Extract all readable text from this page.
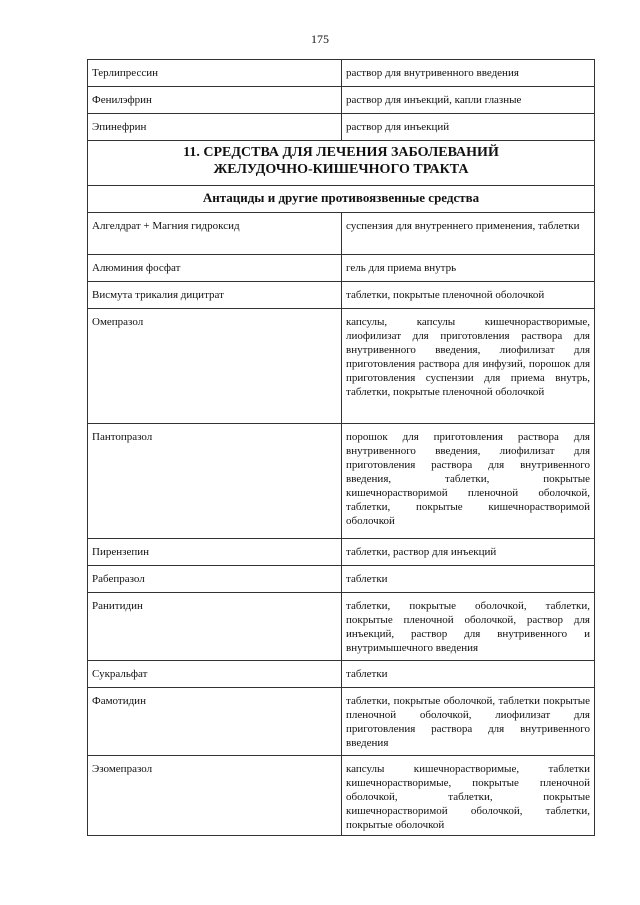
175
Терлипрессин	раствор для внутривенного введения
Фенилэфрин	раствор для инъекций, капли глазные
Эпинефрин	раствор для инъекций

11. СРЕДСТВА ДЛЯ ЛЕЧЕНИЯ ЗАБОЛЕВАНИЙ
ЖЕЛУДОЧНО-КИШЕЧНОГО ТРАКТА	

Антациды и другие противоязвенные средства	
Алгелдрат + Магния гидроксид	суспензия для внутреннего применения, таблетки
Алюминия фосфат	гель для приема внутрь
Висмута трикалия дицитрат	таблетки, покрытые пленочной оболочкой
Омепразол	капсулы, капсулы кишечнорастворимые, лиофилизат для приготовления раствора для внутривенного введения, лиофилизат для приготовления раствора для инфузий, порошок для приготовления суспензии для приема внутрь, таблетки, покрытые пленочной оболочкой
Пантопразол	порошок для приготовления раствора для внутривенного введения, лиофилизат для приготовления раствора для внутривенного введения, таблетки, покрытые кишечнорастворимой пленочной оболочкой, таблетки, покрытые кишечнорастворимой оболочкой
Пирензепин	таблетки, раствор для инъекций
Рабепразол	таблетки
Ранитидин	таблетки, покрытые оболочкой, таблетки, покрытые пленочной оболочкой, раствор для инъекций, раствор для внутривенного и внутримышечного введения
Сукральфат	таблетки
Фамотидин	таблетки, покрытые оболочкой, таблетки покрытые пленочной оболочкой, лиофилизат для приготовления раствора для внутривенного введения
Эзомепразол	капсулы кишечнорастворимые, таблетки кишечнорастворимые, покрытые пленочной оболочкой, таблетки, покрытые кишечнорастворимой оболочкой, таблетки, покрытые оболочкой
